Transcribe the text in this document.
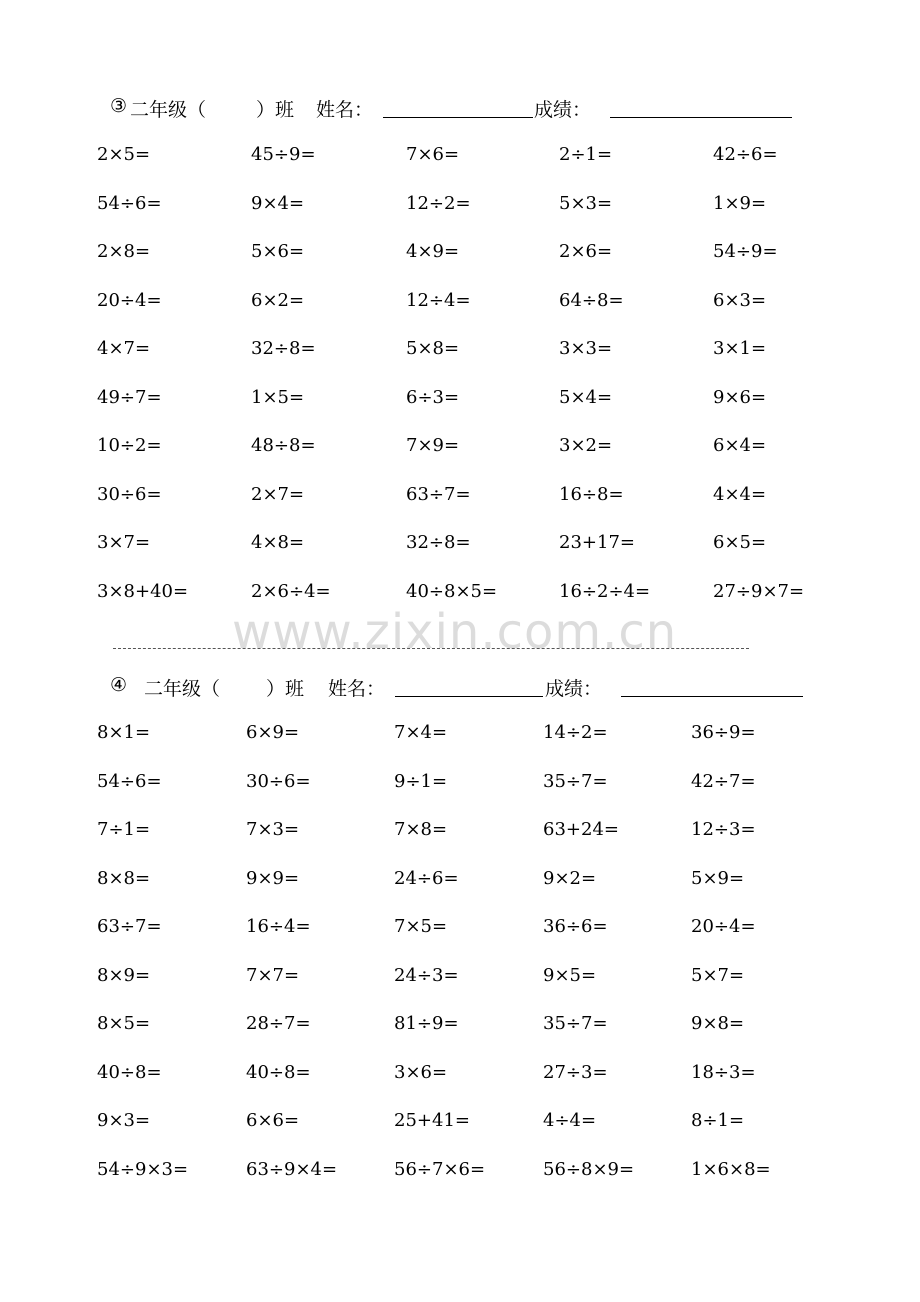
www.zixin.com.cn
③ 二年级（	）班 姓名：	成绩：
2×5=	45÷9=	7×6=	2÷1=	42÷6=
54÷6=	9×4=	12÷2=	5×3=	1×9=
2×8=	5×6=	4×9=	2×6=	54÷9=
20÷4=	6×2=	12÷4=	64÷8=	6×3=
4×7=	32÷8=	5×8=	3×3=	3×1=
49÷7=	1×5=	6÷3=	5×4=	9×6=
10÷2=	48÷8=	7×9=	3×2=	6×4=
30÷6=	2×7=	63÷7=	16÷8=	4×4=
3×7=	4×8=	32÷8=	23+17=	6×5=
3×8+40=	2×6÷4=	40÷8×5=	16÷2÷4=	27÷9×7=
④ 二年级（ ）班 姓名：	成绩：
8×1=	6×9=	7×4=	14÷2=	36÷9=
54÷6=	30÷6=	9÷1=	35÷7=	42÷7=
7÷1=	7×3=	7×8=	63+24=	12÷3=
8×8=	9×9=	24÷6=	9×2=	5×9=
63÷7=	16÷4=	7×5=	36÷6=	20÷4=
8×9=	7×7=	24÷3=	9×5=	5×7=
8×5=	28÷7=	81÷9=	35÷7=	9×8=
40÷8=	40÷8=	3×6=	27÷3=	18÷3=
9×3=	6×6=	25+41=	4÷4=	8÷1=
54÷9×3=	63÷9×4=	56÷7×6=	56÷8×9=	1×6×8=
